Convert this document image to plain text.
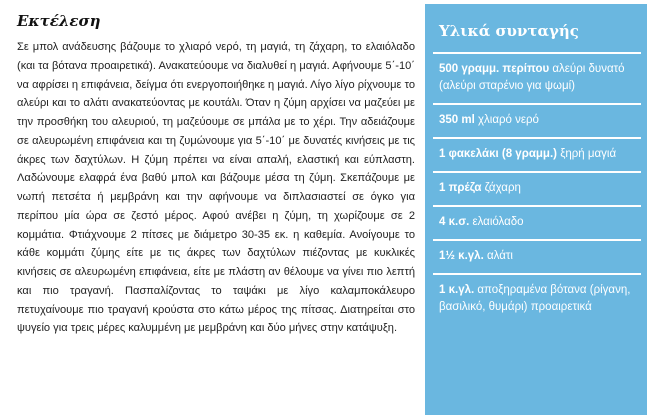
Εκτέλεση

Σε μπολ ανάδευσης βάζουμε το χλιαρό νερό, τη μαγιά, τη ζάχαρη, το ελαιόλαδο (και τα βότανα προαιρετικά). Ανακατεύουμε να διαλυθεί η μαγιά. Αφήνουμε 5΄-10΄ να αφρίσει η επιφάνεια, δείγμα ότι ενεργοποιήθηκε η μαγιά. Λίγο λίγο ρίχνουμε το αλεύρι και το αλάτι ανακατεύοντας με κουτάλι. Όταν η ζύμη αρχίσει να μαζεύει με την προσθήκη του αλευριού, τη μαζεύουμε σε μπάλα με το χέρι. Την αδειάζουμε σε αλευρωμένη επιφάνεια και τη ζυμώνουμε για 5΄-10΄ με δυνατές κινήσεις με τις άκρες των δαχτύλων. Η ζύμη πρέπει να είναι απαλή, ελαστική και εύπλαστη. Λαδώνουμε ελαφρά ένα βαθύ μπολ και βάζουμε μέσα τη ζύμη. Σκεπάζουμε με νωπή πετσέτα ή μεμβράνη και την αφήνουμε να διπλασιαστεί σε όγκο για περίπου μία ώρα σε ζεστό μέρος. Αφού ανέβει η ζύμη, τη χωρίζουμε σε 2 κομμάτια. Φτιάχνουμε 2 πίτσες με διάμετρο 30-35 εκ. η καθεμία. Ανοίγουμε το κάθε κομμάτι ζύμης είτε με τις άκρες των δαχτύλων πιέζοντας με κυκλικές κινήσεις σε αλευρωμένη επιφάνεια, είτε με πλάστη αν θέλουμε να γίνει πιο λεπτή και πιο τραγανή. Πασπαλίζοντας το ταψάκι με λίγο καλαμποκάλευρο πετυχαίνουμε πιο τραγανή κρούστα στο κάτω μέρος της πίτσας. Διατηρείται στο ψυγείο για τρεις μέρες καλυμμένη με μεμβράνη και δύο μήνες στην κατάψυξη.

Υλικά συνταγής
500 γραμμ. περίπου αλεύρι δυνατό (αλεύρι σταρένιο για ψωμί)
350 ml χλιαρό νερό
1 φακελάκι (8 γραμμ.) ξηρή μαγιά
1 πρέζα ζάχαρη
4 κ.σ. ελαιόλαδο
1½ κ.γλ. αλάτι
1 κ.γλ. αποξηραμένα βότανα (ρίγανη, βασιλικό, θυμάρι) προαιρετικά
